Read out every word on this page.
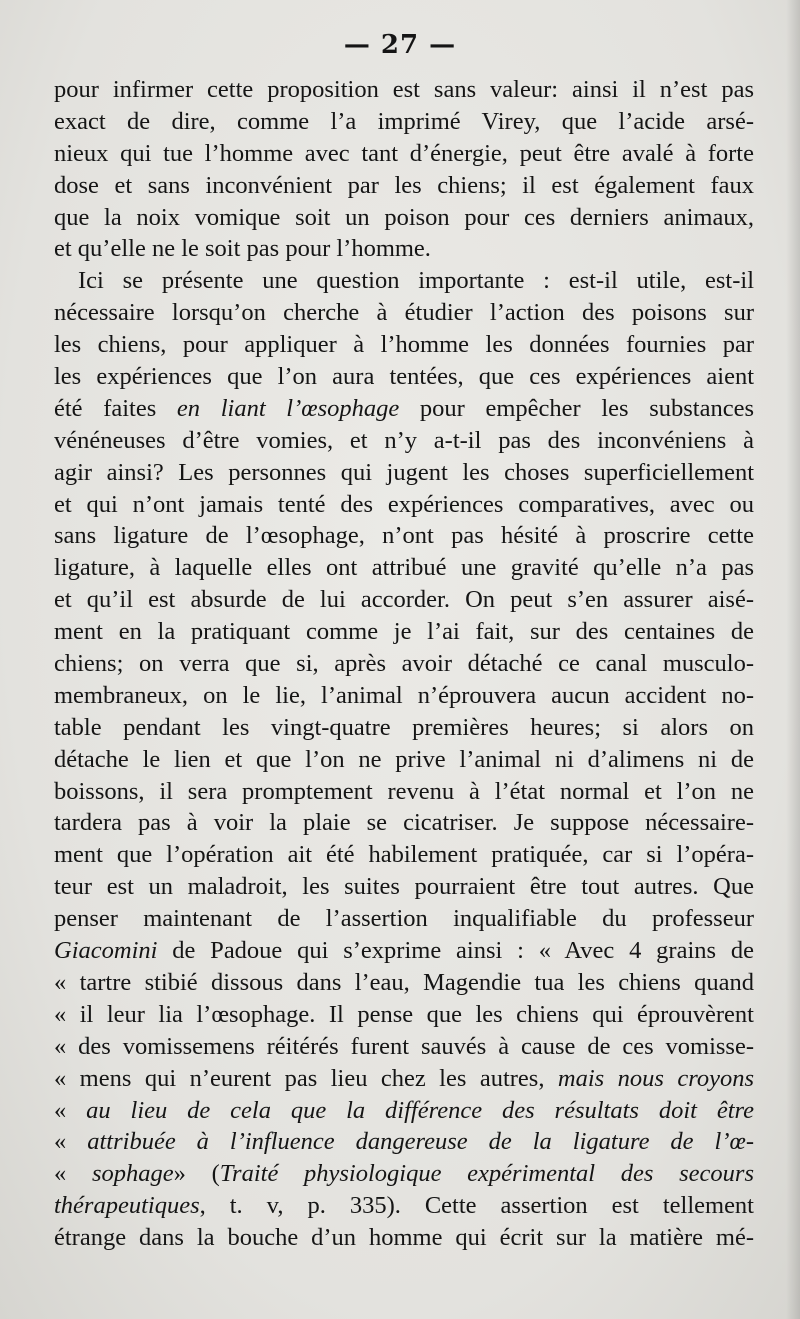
— 27 —
pour infirmer cette proposition est sans valeur: ainsi il n’est pas
exact de dire, comme l’a imprimé Virey, que l’acide arsé-
nieux qui tue l’homme avec tant d’énergie, peut être avalé à forte
dose et sans inconvénient par les chiens; il est également faux
que la noix vomique soit un poison pour ces derniers animaux,
et qu’elle ne le soit pas pour l’homme.
Ici se présente une question importante : est-il utile, est-il
nécessaire lorsqu’on cherche à étudier l’action des poisons sur
les chiens, pour appliquer à l’homme les données fournies par
les expériences que l’on aura tentées, que ces expériences aient
été faites en liant l’œsophage pour empêcher les substances
vénéneuses d’être vomies, et n’y a-t-il pas des inconvéniens à
agir ainsi? Les personnes qui jugent les choses superficiellement
et qui n’ont jamais tenté des expériences comparatives, avec ou
sans ligature de l’œsophage, n’ont pas hésité à proscrire cette
ligature, à laquelle elles ont attribué une gravité qu’elle n’a pas
et qu’il est absurde de lui accorder. On peut s’en assurer aisé-
ment en la pratiquant comme je l’ai fait, sur des centaines de
chiens; on verra que si, après avoir détaché ce canal musculo-
membraneux, on le lie, l’animal n’éprouvera aucun accident no-
table pendant les vingt-quatre premières heures; si alors on
détache le lien et que l’on ne prive l’animal ni d’alimens ni de
boissons, il sera promptement revenu à l’état normal et l’on ne
tardera pas à voir la plaie se cicatriser. Je suppose nécessaire-
ment que l’opération ait été habilement pratiquée, car si l’opéra-
teur est un maladroit, les suites pourraient être tout autres. Que
penser maintenant de l’assertion inqualifiable du professeur
Giacomini de Padoue qui s’exprime ainsi : « Avec 4 grains de
« tartre stibié dissous dans l’eau, Magendie tua les chiens quand
« il leur lia l’œsophage. Il pense que les chiens qui éprouvèrent
« des vomissemens réitérés furent sauvés à cause de ces vomisse-
« mens qui n’eurent pas lieu chez les autres, mais nous croyons
« au lieu de cela que la différence des résultats doit être
« attribuée à l’influence dangereuse de la ligature de l’œ-
« sophage» (Traité physiologique expérimental des secours
thérapeutiques, t. v, p. 335). Cette assertion est tellement
étrange dans la bouche d’un homme qui écrit sur la matière mé-
